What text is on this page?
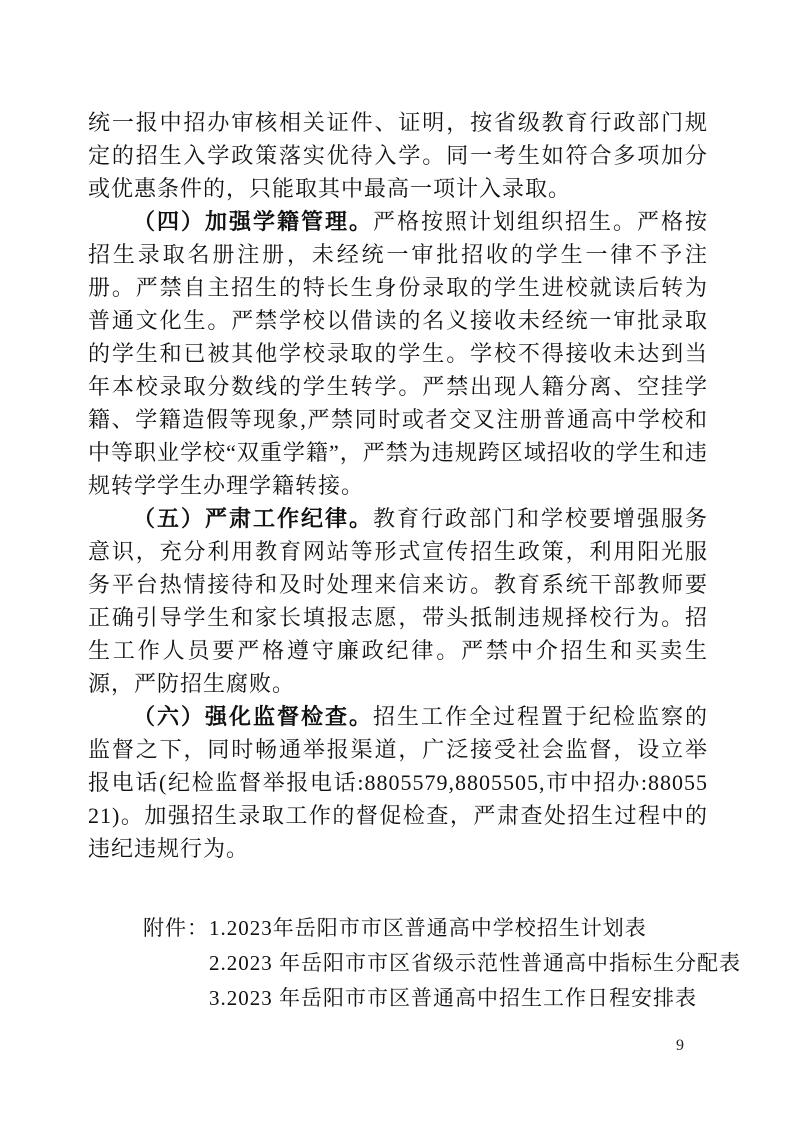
统一报中招办审核相关证件、证明，按省级教育行政部门规定的招生入学政策落实优待入学。同一考生如符合多项加分或优惠条件的，只能取其中最高一项计入录取。

（四）加强学籍管理。严格按照计划组织招生。严格按招生录取名册注册，未经统一审批招收的学生一律不予注册。严禁自主招生的特长生身份录取的学生进校就读后转为普通文化生。严禁学校以借读的名义接收未经统一审批录取的学生和已被其他学校录取的学生。学校不得接收未达到当年本校录取分数线的学生转学。严禁出现人籍分离、空挂学籍、学籍造假等现象,严禁同时或者交叉注册普通高中学校和中等职业学校“双重学籍”，严禁为违规跨区域招收的学生和违规转学学生办理学籍转接。

（五）严肃工作纪律。教育行政部门和学校要增强服务意识，充分利用教育网站等形式宣传招生政策，利用阳光服务平台热情接待和及时处理来信来访。教育系统干部教师要正确引导学生和家长填报志愿，带头抵制违规择校行为。招生工作人员要严格遵守廉政纪律。严禁中介招生和买卖生源，严防招生腐败。

（六）强化监督检查。招生工作全过程置于纪检监察的监督之下，同时畅通举报渠道，广泛接受社会监督，设立举报电话(纪检监督举报电话:8805579,8805505,市中招办:8805521)。加强招生录取工作的督促检查，严肃查处招生过程中的违纪违规行为。

附件： 1.2023年岳阳市市区普通高中学校招生计划表
2.2023 年岳阳市市区省级示范性普通高中指标生分配表
3.2023 年岳阳市市区普通高中招生工作日程安排表
9
